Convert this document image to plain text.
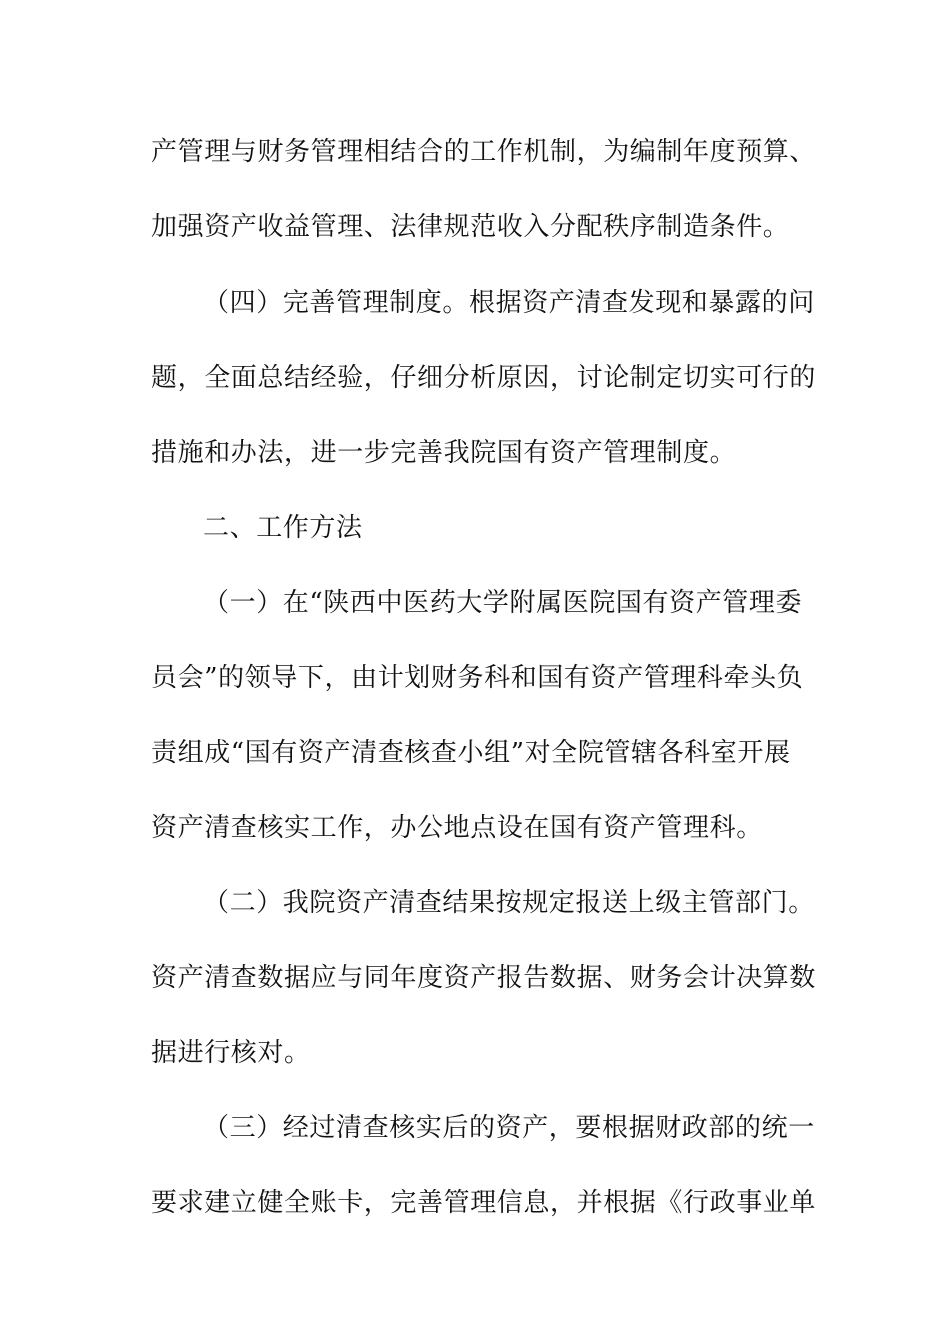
产管理与财务管理相结合的工作机制，为编制年度预算、
加强资产收益管理、法律规范收入分配秩序制造条件。
（四）完善管理制度。根据资产清查发现和暴露的问
题，全面总结经验，仔细分析原因，讨论制定切实可行的
措施和办法，进一步完善我院国有资产管理制度。
二、工作方法
（一）在“陕西中医药大学附属医院国有资产管理委
员会”的领导下，由计划财务科和国有资产管理科牵头负
责组成“国有资产清查核查小组”对全院管辖各科室开展
资产清查核实工作，办公地点设在国有资产管理科。
（二）我院资产清查结果按规定报送上级主管部门。
资产清查数据应与同年度资产报告数据、财务会计决算数
据进行核对。
（三）经过清查核实后的资产，要根据财政部的统一
要求建立健全账卡，完善管理信息，并根据《行政事业单
